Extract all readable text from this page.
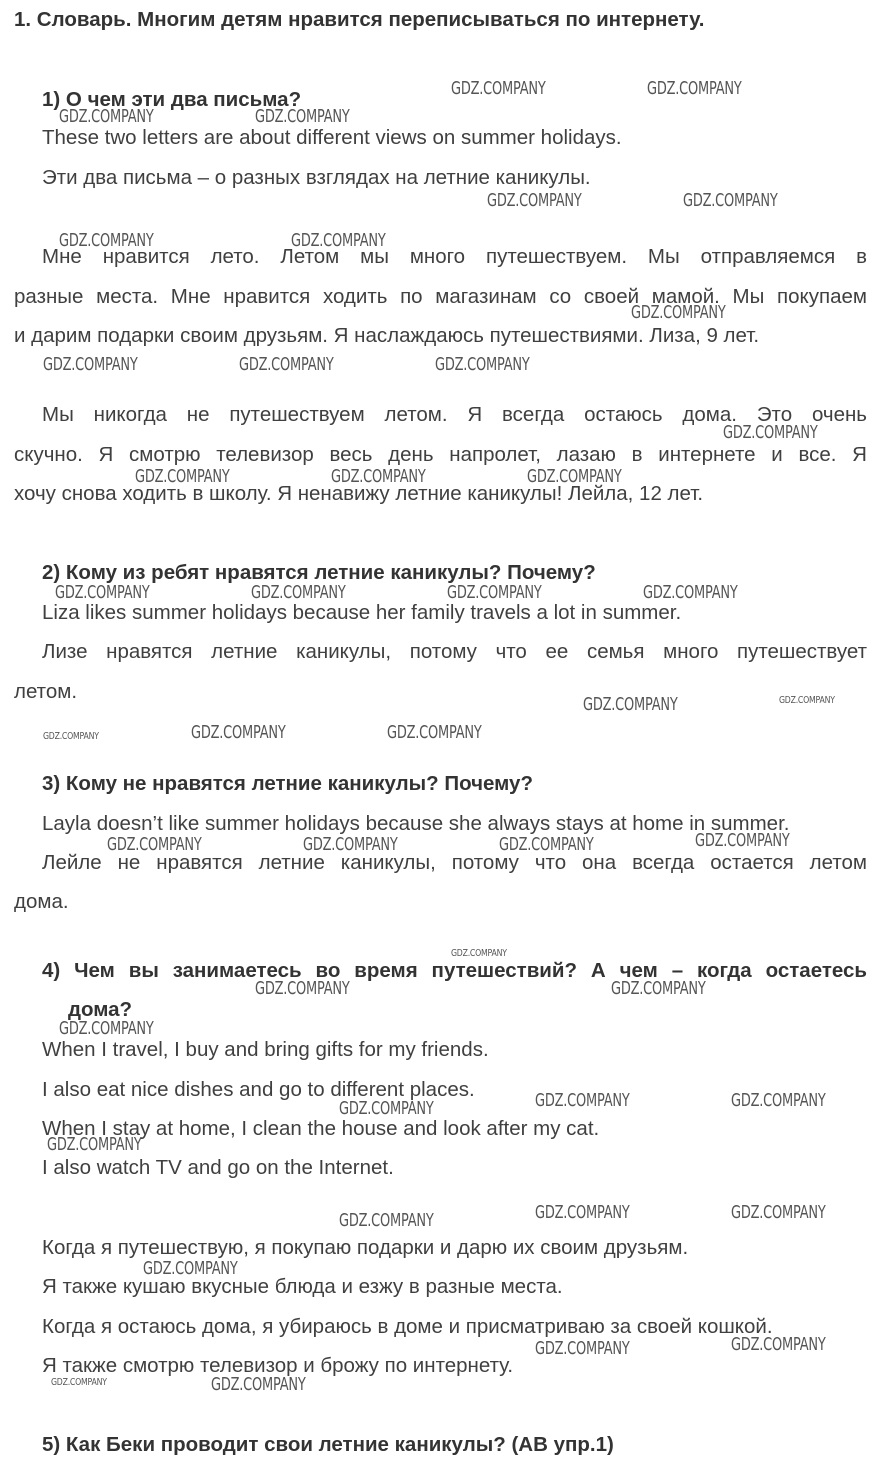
1. Словарь. Многим детям нравится переписываться по интернету.
1) О чем эти два письма?
These two letters are about different views on summer holidays.
Эти два письма – о разных взглядах на летние каникулы.
Мне нравится лето. Летом мы много путешествуем. Мы отправляемся в
разные места. Мне нравится ходить по магазинам со своей мамой. Мы покупаем
и дарим подарки своим друзьям. Я наслаждаюсь путешествиями. Лиза, 9 лет.
Мы никогда не путешествуем летом. Я всегда остаюсь дома. Это очень
скучно. Я смотрю телевизор весь день напролет, лазаю в интернете и все. Я
хочу снова ходить в школу. Я ненавижу летние каникулы! Лейла, 12 лет.
2) Кому из ребят нравятся летние каникулы? Почему?
Liza likes summer holidays because her family travels a lot in summer.
Лизе нравятся летние каникулы, потому что ее семья много путешествует
летом.
3) Кому не нравятся летние каникулы? Почему?
Layla doesn’t like summer holidays because she always stays at home in summer.
Лейле не нравятся летние каникулы, потому что она всегда остается летом
дома.
4) Чем вы занимаетесь во время путешествий? А чем – когда остаетесь
дома?
When I travel, I buy and bring gifts for my friends.
I also eat nice dishes and go to different places.
When I stay at home, I clean the house and look after my cat.
I also watch TV and go on the Internet.
Когда я путешествую, я покупаю подарки и дарю их своим друзьям.
Я также кушаю вкусные блюда и езжу в разные места.
Когда я остаюсь дома, я убираюсь в доме и присматриваю за своей кошкой.
Я также смотрю телевизор и брожу по интернету.
5) Как Беки проводит свои летние каникулы? (AB упр.1)
GDZ.COMPANY	GDZ.COMPANY
GDZ.COMPANY	GDZ.COMPANY
GDZ.COMPANY	GDZ.COMPANY
GDZ.COMPANY	GDZ.COMPANY
GDZ.COMPANY
GDZ.COMPANY	GDZ.COMPANY	GDZ.COMPANY
GDZ.COMPANY
GDZ.COMPANY	GDZ.COMPANY	GDZ.COMPANY
GDZ.COMPANY	GDZ.COMPANY	GDZ.COMPANY	GDZ.COMPANY
GDZ.COMPANY	GDZ.COMPANY
GDZ.COMPANY	GDZ.COMPANY	GDZ.COMPANY
GDZ.COMPANY	GDZ.COMPANY	GDZ.COMPANY	GDZ.COMPANY
GDZ.COMPANY
GDZ.COMPANY	GDZ.COMPANY
GDZ.COMPANY
GDZ.COMPANY	GDZ.COMPANY
GDZ.COMPANY
GDZ.COMPANY
GDZ.COMPANY	GDZ.COMPANY
GDZ.COMPANY
GDZ.COMPANY
GDZ.COMPANY	GDZ.COMPANY
GDZ.COMPANY	GDZ.COMPANY
